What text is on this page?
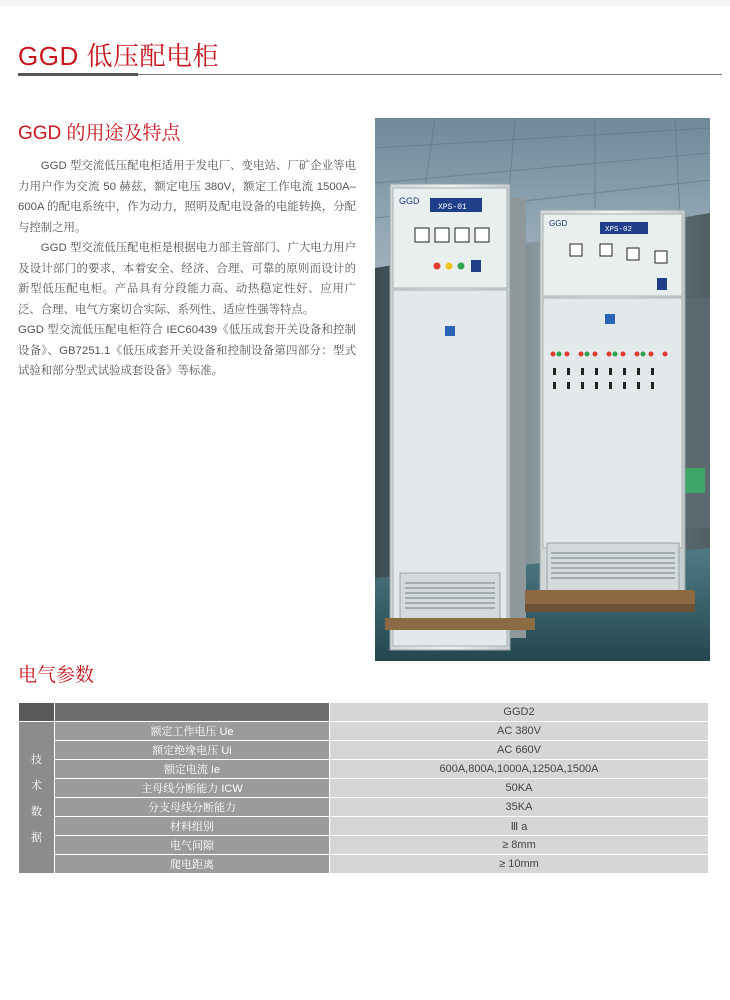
GGD 低压配电柜
GGD 的用途及特点

GGD 型交流低压配电柜适用于发电厂、变电站、厂矿企业等电力用户作为交流 50 赫兹，额定电压 380V，额定工作电流 1500A–600A 的配电系统中，作为动力，照明及配电设备的电能转换，分配与控制之用。

GGD 型交流低压配电柜是根据电力部主管部门、广大电力用户及设计部门的要求，本着安全、经济、合理、可靠的原则而设计的新型低压配电柜。产品具有分段能力高、动热稳定性好、应用广泛、合理、电气方案切合实际、系列性、适应性强等特点。

GGD 型交流低压配电柜符合 IEC60439《低压成套开关设备和控制设备》、GB7251.1《低压成套开关设备和控制设备第四部分：型式试验和部分型式试验成套设备》等标准。

GGD
XPS-01
GGD
XPS-02
电气参数
		GGD2

技
术
数
据	额定工作电压 Ue	AC 380V
	额定绝缘电压 Ui	AC 660V
	额定电流 Ie	600A,800A,1000A,1250A,1500A
	主母线分断能力 ICW	50KA
	分支母线分断能力	35KA
	材料组别	Ⅲ a
	电气间隙	≥ 8mm
	爬电距离	≥ 10mm
